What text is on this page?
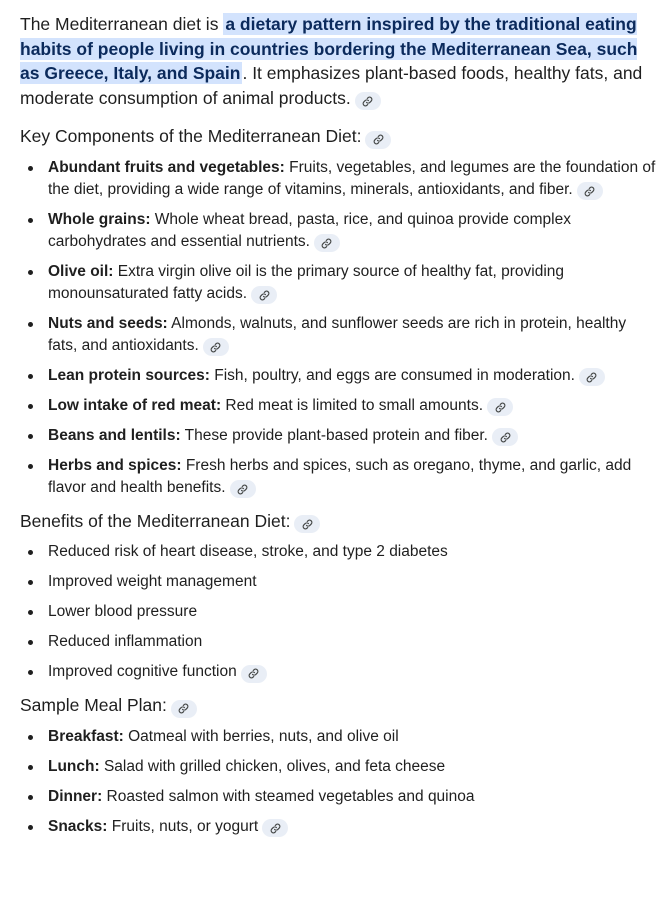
The Mediterranean diet is a dietary pattern inspired by the traditional eating habits of people living in countries bordering the Mediterranean Sea, such as Greece, Italy, and Spain . It emphasizes plant-based foods, healthy fats, and moderate consumption of animal products.

Key Components of the Mediterranean Diet:
Abundant fruits and vegetables: Fruits, vegetables, and legumes are the foundation of the diet, providing a wide range of vitamins, minerals, antioxidants, and fiber.
Whole grains: Whole wheat bread, pasta, rice, and quinoa provide complex carbohydrates and essential nutrients.
Olive oil: Extra virgin olive oil is the primary source of healthy fat, providing monounsaturated fatty acids.
Nuts and seeds: Almonds, walnuts, and sunflower seeds are rich in protein, healthy fats, and antioxidants.
Lean protein sources: Fish, poultry, and eggs are consumed in moderation.
Low intake of red meat: Red meat is limited to small amounts.
Beans and lentils: These provide plant-based protein and fiber.
Herbs and spices: Fresh herbs and spices, such as oregano, thyme, and garlic, add flavor and health benefits.
Benefits of the Mediterranean Diet:
Reduced risk of heart disease, stroke, and type 2 diabetes
Improved weight management
Lower blood pressure
Reduced inflammation
Improved cognitive function
Sample Meal Plan:
Breakfast: Oatmeal with berries, nuts, and olive oil
Lunch: Salad with grilled chicken, olives, and feta cheese
Dinner: Roasted salmon with steamed vegetables and quinoa
Snacks: Fruits, nuts, or yogurt
